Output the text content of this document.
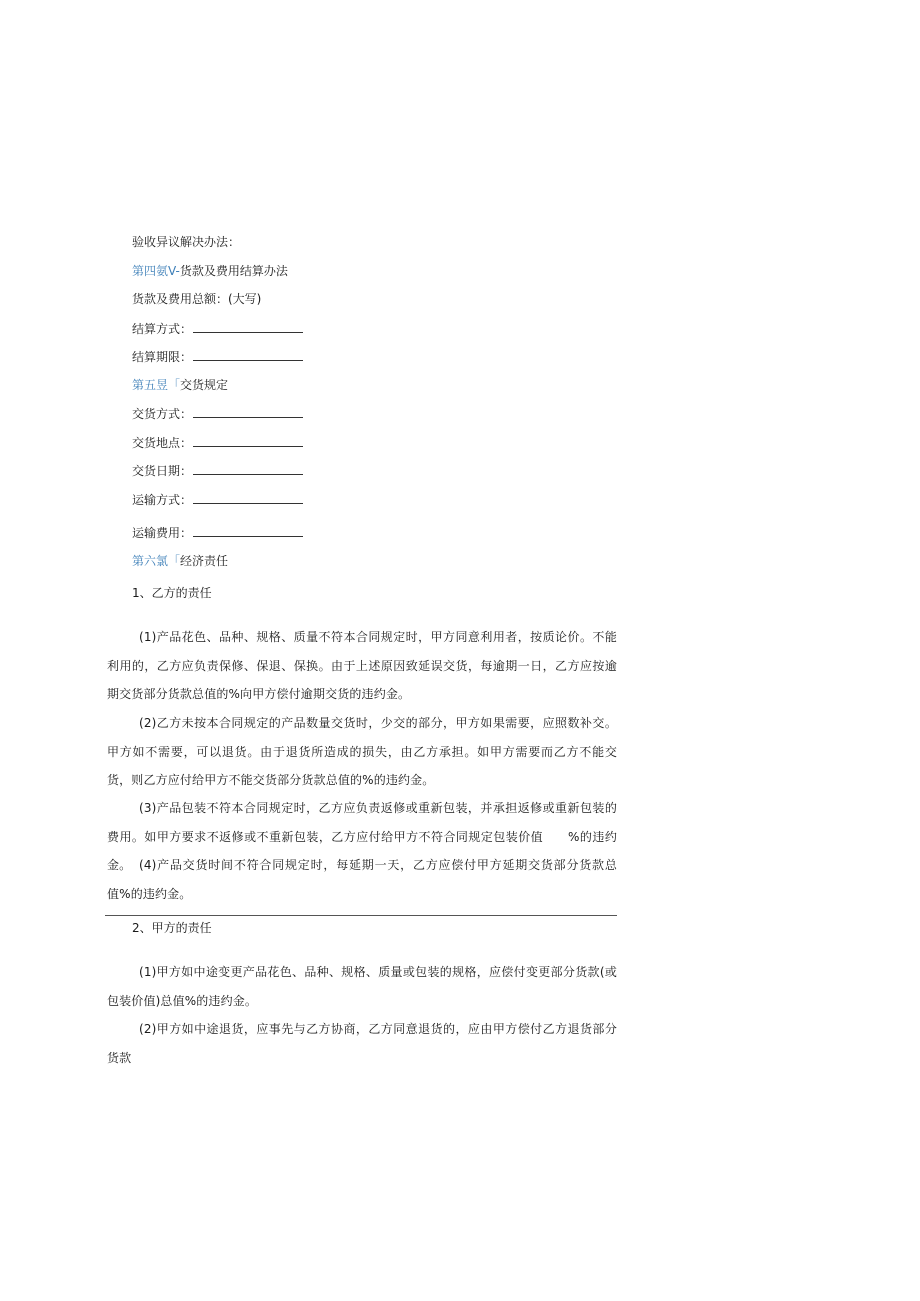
验收异议解决办法：
第四氨V-货款及费用结算办法
货款及费用总额：(大写)
结算方式：
结算期限：
第五昱「交货规定
交货方式：
交货地点：
交货日期：
运输方式：
运输费用：
第六氯「经济责任
1、乙方的责任

(1)产品花色、品种、规格、质量不符本合同规定时，甲方同意利用者，按质论价。不能利用的，乙方应负责保修、保退、保换。由于上述原因致延误交货，每逾期一日，乙方应按逾期交货部分货款总值的%向甲方偿付逾期交货的违约金。

(2)乙方未按本合同规定的产品数量交货时，少交的部分，甲方如果需要，应照数补交。甲方如不需要，可以退货。由于退货所造成的损失，由乙方承担。如甲方需要而乙方不能交货，则乙方应付给甲方不能交货部分货款总值的%的违约金。

(3)产品包装不符本合同规定时，乙方应负责返修或重新包装，并承担返修或重新包装的费用。如甲方要求不返修或不重新包装，乙方应付给甲方不符合同规定包装价值　　%的违约金。 (4)产品交货时间不符合同规定时，每延期一天，乙方应偿付甲方延期交货部分货款总值%的违约金。

2、甲方的责任

(1)甲方如中途变更产品花色、品种、规格、质量或包装的规格，应偿付变更部分货款(或包装价值)总值%的违约金。

(2)甲方如中途退货，应事先与乙方协商，乙方同意退货的，应由甲方偿付乙方退货部分货款
